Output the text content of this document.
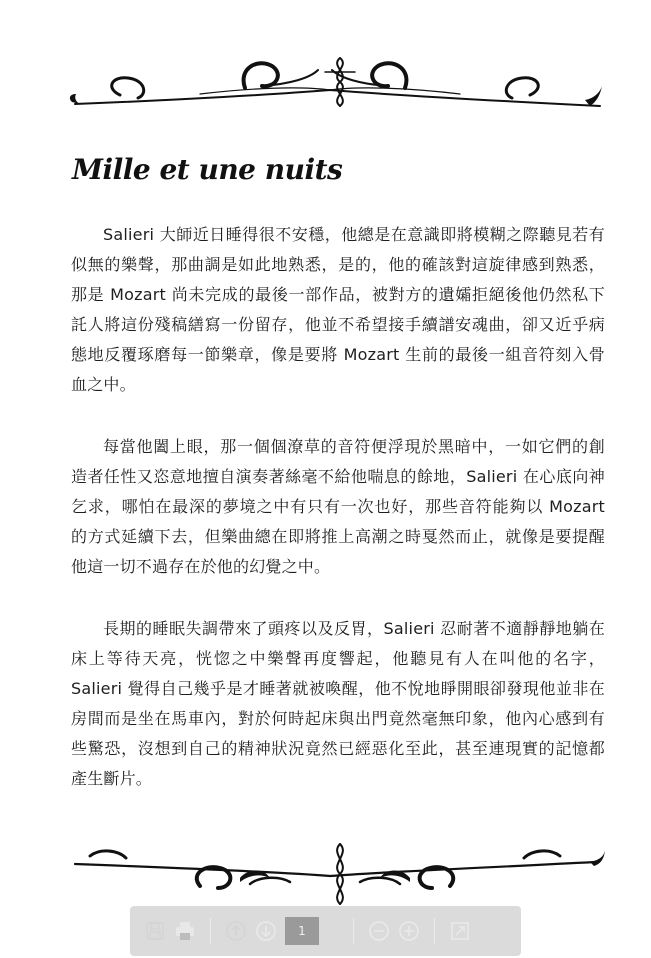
Mille et une nuits

Salieri 大師近日睡得很不安穩，他總是在意識即將模糊之際聽見若有似無的樂聲，那曲調是如此地熟悉，是的，他的確該對這旋律感到熟悉，那是 Mozart 尚未完成的最後一部作品，被對方的遺孀拒絕後他仍然私下託人將這份殘稿繕寫一份留存，他並不希望接手續譜安魂曲，卻又近乎病態地反覆琢磨每一節樂章，像是要將 Mozart 生前的最後一組音符刻入骨血之中。

每當他闔上眼，那一個個潦草的音符便浮現於黑暗中，一如它們的創造者任性又恣意地擅自演奏著絲毫不給他喘息的餘地，Salieri 在心底向神乞求，哪怕在最深的夢境之中有只有一次也好，那些音符能夠以 Mozart 的方式延續下去，但樂曲總在即將推上高潮之時戛然而止，就像是要提醒他這一切不過存在於他的幻覺之中。

長期的睡眠失調帶來了頭疼以及反胃，Salieri 忍耐著不適靜靜地躺在床上等待天亮，恍惚之中樂聲再度響起，他聽見有人在叫他的名字，Salieri 覺得自己幾乎是才睡著就被喚醒，他不悅地睜開眼卻發現他並非在房間而是坐在馬車內，對於何時起床與出門竟然毫無印象，他內心感到有些驚恐，沒想到自己的精神狀況竟然已經惡化至此，甚至連現實的記憶都產生斷片。

1	18
